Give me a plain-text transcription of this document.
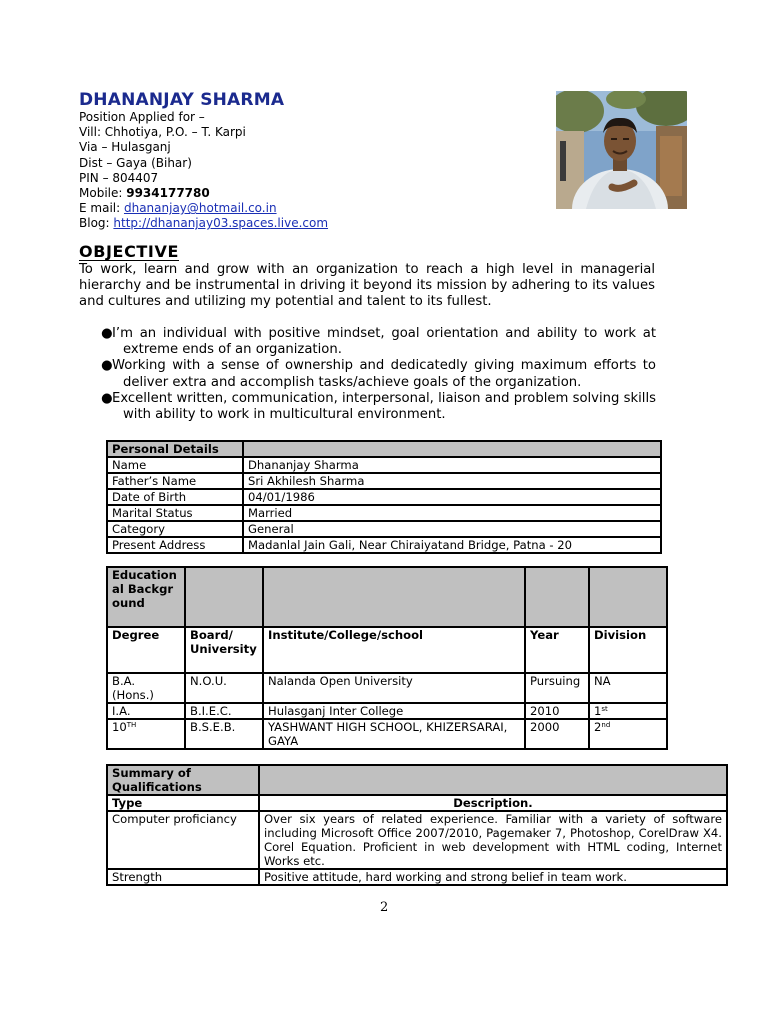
DHANANJAY SHARMA
Position Applied for –
Vill: Chhotiya, P.O. – T. Karpi
Via – Hulasganj
Dist – Gaya (Bihar)
PIN – 804407
Mobile: 9934177780
E mail: dhananjay@hotmail.co.in
Blog: http://dhananjay03.spaces.live.com
OBJECTIVE
To work, learn and grow with an organization to reach a high level in managerial hierarchy and be instrumental in driving it beyond its mission by adhering to its values and cultures and utilizing my potential and talent to its fullest.
● I’m an individual with positive mindset, goal orientation and ability to work at extreme ends of an organization.
● Working with a sense of ownership and dedicatedly giving maximum efforts to deliver extra and accomplish tasks/achieve goals of the organization.
● Excellent written, communication, interpersonal, liaison and problem solving skills with ability to work in multicultural environment.
Personal Details	
Name	Dhananjay Sharma
Father’s Name	Sri Akhilesh Sharma
Date of Birth	04/01/1986
Marital Status	Married
Category	General
Present Address	Madanlal Jain Gali, Near Chiraiyatand Bridge, Patna - 20
Educational Background				
Degree	Board/ University	Institute/College/school	Year	Division
B.A. (Hons.)	N.O.U.	Nalanda Open University	Pursuing	NA
I.A.	B.I.E.C.	Hulasganj Inter College	2010	1st
10TH	B.S.E.B.	YASHWANT HIGH SCHOOL, KHIZERSARAI, GAYA	2000	2nd
Summary of Qualifications	
Type	Description.
Computer proficiancy	Over six years of related experience. Familiar with a variety of software including Microsoft Office 2007/2010, Pagemaker 7, Photoshop, CorelDraw X4. Corel Equation. Proficient in web development with HTML coding, Internet Works etc.
Strength	Positive attitude, hard working and strong belief in team work.
2
